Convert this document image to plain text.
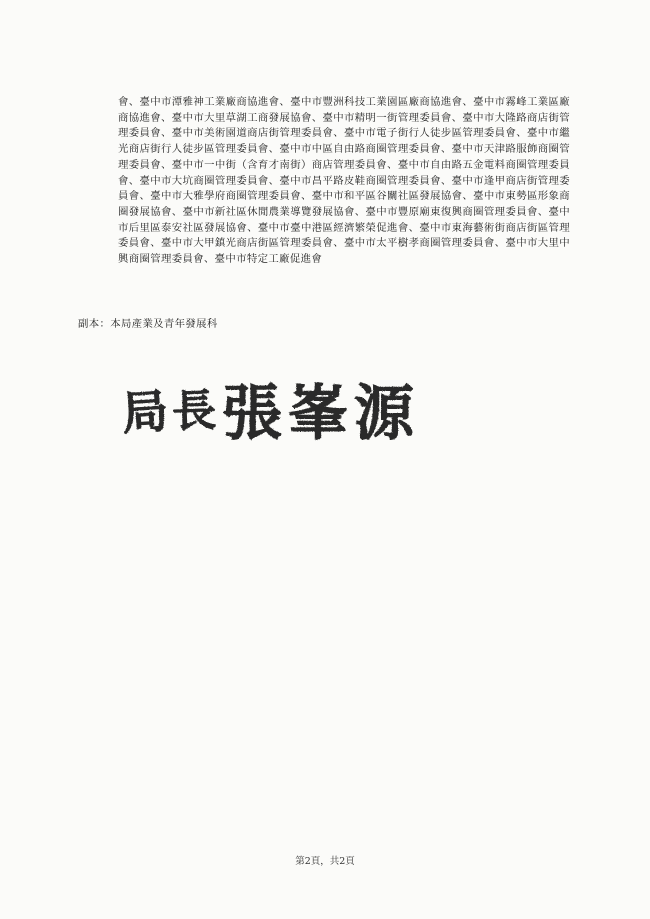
會、臺中市潭雅神工業廠商協進會、臺中市豐洲科技工業園區廠商協進會、臺中市霧峰工業區廠商協進會、臺中市大里草湖工商發展協會、臺中市精明一街管理委員會、臺中市大隆路商店街管理委員會、臺中市美術園道商店街管理委員會、臺中市電子街行人徒步區管理委員會、臺中市繼光商店街行人徒步區管理委員會、臺中市中區自由路商圈管理委員會、臺中市天津路服飾商圈管理委員會、臺中市一中街（含育才南街）商店管理委員會、臺中市自由路五金電料商圈管理委員會、臺中市大坑商圈管理委員會、臺中市昌平路皮鞋商圈管理委員會、臺中市逢甲商店街管理委員會、臺中市大雅學府商圈管理委員會、臺中市和平區谷關社區發展協會、臺中市東勢區形象商圈發展協會、臺中市新社區休閒農業導覽發展協會、臺中市豐原廟東復興商圈管理委員會、臺中市后里區泰安社區發展協會、臺中市臺中港區經濟繁榮促進會、臺中市東海藝術街商店街區管理委員會、臺中市大甲鎮光商店街區管理委員會、臺中市太平樹孝商圈管理委員會、臺中市大里中興商圈管理委員會、臺中市特定工廠促進會
副本：本局產業及青年發展科
局 長 張 峯 源
第2頁，共2頁
